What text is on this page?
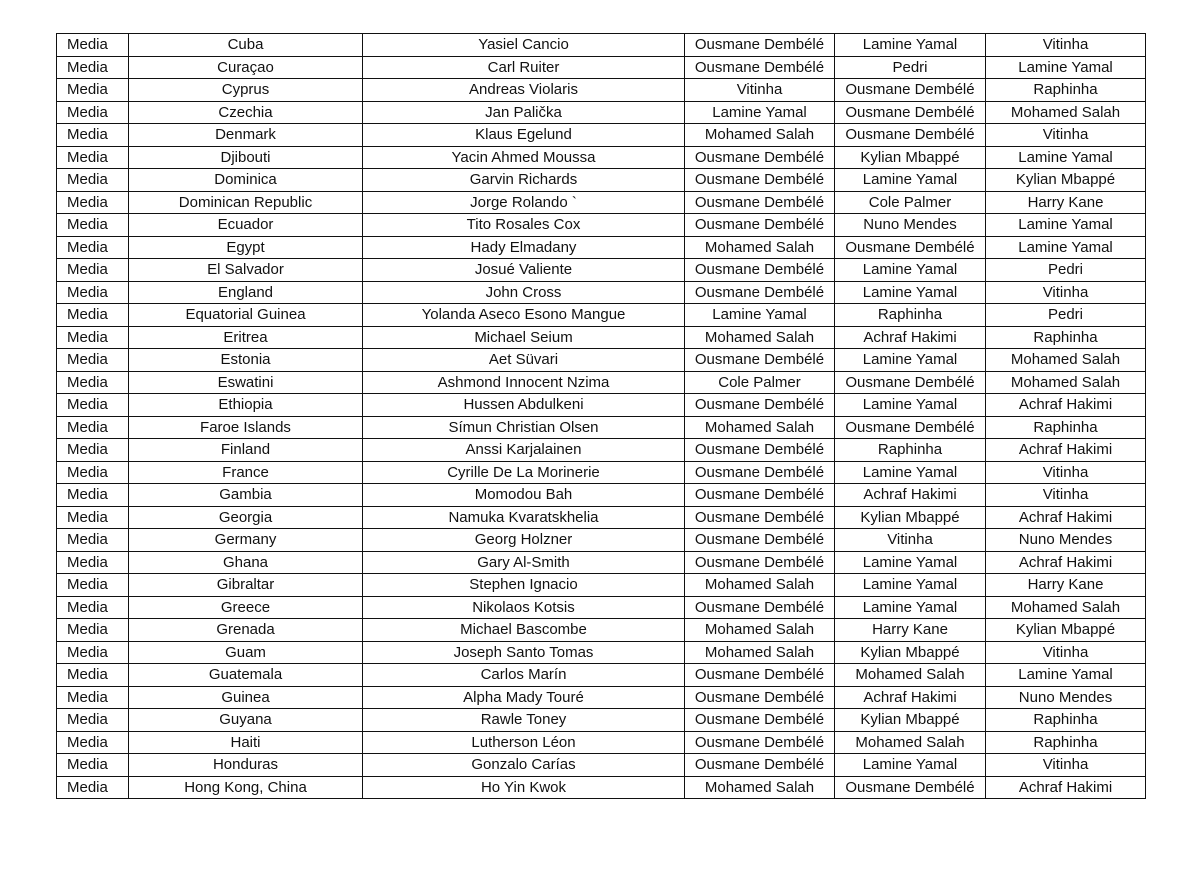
Media	Cuba	Yasiel Cancio	Ousmane Dembélé	Lamine Yamal	Vitinha
Media	Curaçao	Carl Ruiter	Ousmane Dembélé	Pedri	Lamine Yamal
Media	Cyprus	Andreas Violaris	Vitinha	Ousmane Dembélé	Raphinha
Media	Czechia	Jan Palička	Lamine Yamal	Ousmane Dembélé	Mohamed Salah
Media	Denmark	Klaus Egelund	Mohamed Salah	Ousmane Dembélé	Vitinha
Media	Djibouti	Yacin Ahmed Moussa	Ousmane Dembélé	Kylian Mbappé	Lamine Yamal
Media	Dominica	Garvin Richards	Ousmane Dembélé	Lamine Yamal	Kylian Mbappé
Media	Dominican Republic	Jorge Rolando `	Ousmane Dembélé	Cole Palmer	Harry Kane
Media	Ecuador	Tito Rosales Cox	Ousmane Dembélé	Nuno Mendes	Lamine Yamal
Media	Egypt	Hady Elmadany	Mohamed Salah	Ousmane Dembélé	Lamine Yamal
Media	El Salvador	Josué Valiente	Ousmane Dembélé	Lamine Yamal	Pedri
Media	England	John Cross	Ousmane Dembélé	Lamine Yamal	Vitinha
Media	Equatorial Guinea	Yolanda Aseco Esono Mangue	Lamine Yamal	Raphinha	Pedri
Media	Eritrea	Michael Seium	Mohamed Salah	Achraf Hakimi	Raphinha
Media	Estonia	Aet Süvari	Ousmane Dembélé	Lamine Yamal	Mohamed Salah
Media	Eswatini	Ashmond Innocent Nzima	Cole Palmer	Ousmane Dembélé	Mohamed Salah
Media	Ethiopia	Hussen Abdulkeni	Ousmane Dembélé	Lamine Yamal	Achraf Hakimi
Media	Faroe Islands	Símun Christian Olsen	Mohamed Salah	Ousmane Dembélé	Raphinha
Media	Finland	Anssi Karjalainen	Ousmane Dembélé	Raphinha	Achraf Hakimi
Media	France	Cyrille De La Morinerie	Ousmane Dembélé	Lamine Yamal	Vitinha
Media	Gambia	Momodou Bah	Ousmane Dembélé	Achraf Hakimi	Vitinha
Media	Georgia	Namuka Kvaratskhelia	Ousmane Dembélé	Kylian Mbappé	Achraf Hakimi
Media	Germany	Georg Holzner	Ousmane Dembélé	Vitinha	Nuno Mendes
Media	Ghana	Gary Al-Smith	Ousmane Dembélé	Lamine Yamal	Achraf Hakimi
Media	Gibraltar	Stephen Ignacio	Mohamed Salah	Lamine Yamal	Harry Kane
Media	Greece	Nikolaos Kotsis	Ousmane Dembélé	Lamine Yamal	Mohamed Salah
Media	Grenada	Michael Bascombe	Mohamed Salah	Harry Kane	Kylian Mbappé
Media	Guam	Joseph Santo Tomas	Mohamed Salah	Kylian Mbappé	Vitinha
Media	Guatemala	Carlos Marín	Ousmane Dembélé	Mohamed Salah	Lamine Yamal
Media	Guinea	Alpha Mady Touré	Ousmane Dembélé	Achraf Hakimi	Nuno Mendes
Media	Guyana	Rawle Toney	Ousmane Dembélé	Kylian Mbappé	Raphinha
Media	Haiti	Lutherson Léon	Ousmane Dembélé	Mohamed Salah	Raphinha
Media	Honduras	Gonzalo Carías	Ousmane Dembélé	Lamine Yamal	Vitinha
Media	Hong Kong, China	Ho Yin Kwok	Mohamed Salah	Ousmane Dembélé	Achraf Hakimi
